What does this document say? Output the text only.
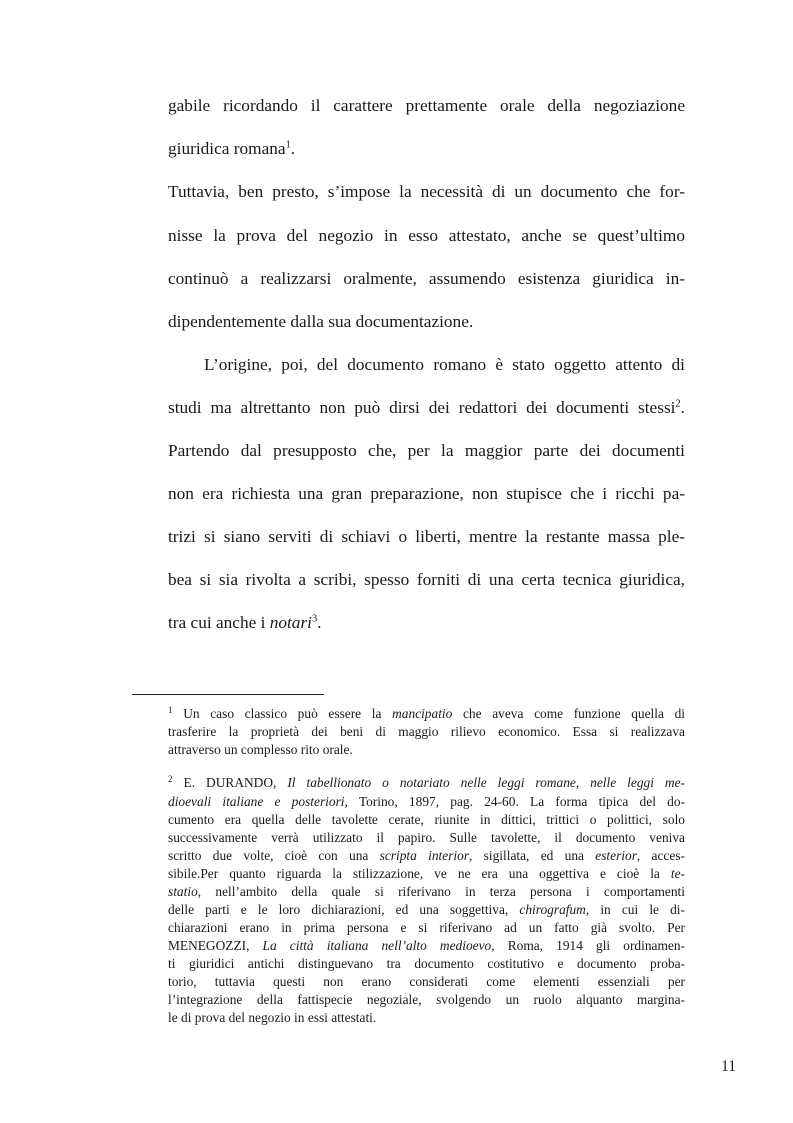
gabile ricordando il carattere prettamente orale della negoziazione
giuridica romana$^1$.
Tuttavia, ben presto, s’impose la necessità di un documento che for-
nisse la prova del negozio in esso attestato, anche se quest’ultimo
continuò a realizzarsi oralmente, assumendo esistenza giuridica in-
dipendentemente dalla sua documentazione.
L’origine, poi, del documento romano è stato oggetto attento di
studi ma altrettanto non può dirsi dei redattori dei documenti stessi$^2$.
Partendo dal presupposto che, per la maggior parte dei documenti
non era richiesta una gran preparazione, non stupisce che i ricchi pa-
trizi si siano serviti di schiavi o liberti, mentre la restante massa ple-
bea si sia rivolta a scribi, spesso forniti di una certa tecnica giuridica,
tra cui anche i notari$^3$.
$^1$ Un caso classico può essere la mancipatio che aveva come funzione quella di
trasferire la proprietà dei beni di maggio rilievo economico. Essa si realizzava
attraverso un complesso rito orale.
$^2$ E. DURANDO, Il tabellionato o notariato nelle leggi romane, nelle leggi me-
dioevali italiane e posteriori, Torino, 1897, pag. 24-60. La forma tipica del do-
cumento era quella delle tavolette cerate, riunite in dittici, trittici o polittici, solo
successivamente verrà utilizzato il papiro. Sulle tavolette, il documento veniva
scritto due volte, cioè con una scripta interior, sigillata, ed una esterior, acces-
sibile.Per quanto riguarda la stilizzazione, ve ne era una oggettiva e cioè la te-
statio, nell’ambito della quale si riferivano in terza persona i comportamenti
delle parti e le loro dichiarazioni, ed una soggettiva, chirografum, in cui le di-
chiarazioni erano in prima persona e si riferivano ad un fatto già svolto. Per
MENEGOZZI, La città italiana nell’alto medioevo, Roma, 1914 gli ordinamen-
ti giuridici antichi distinguevano tra documento costitutivo e documento proba-
torio, tuttavia questi non erano considerati come elementi essenziali per
l’integrazione della fattispecie negoziale, svolgendo un ruolo alquanto margina-
le di prova del negozio in essi attestati.
11
